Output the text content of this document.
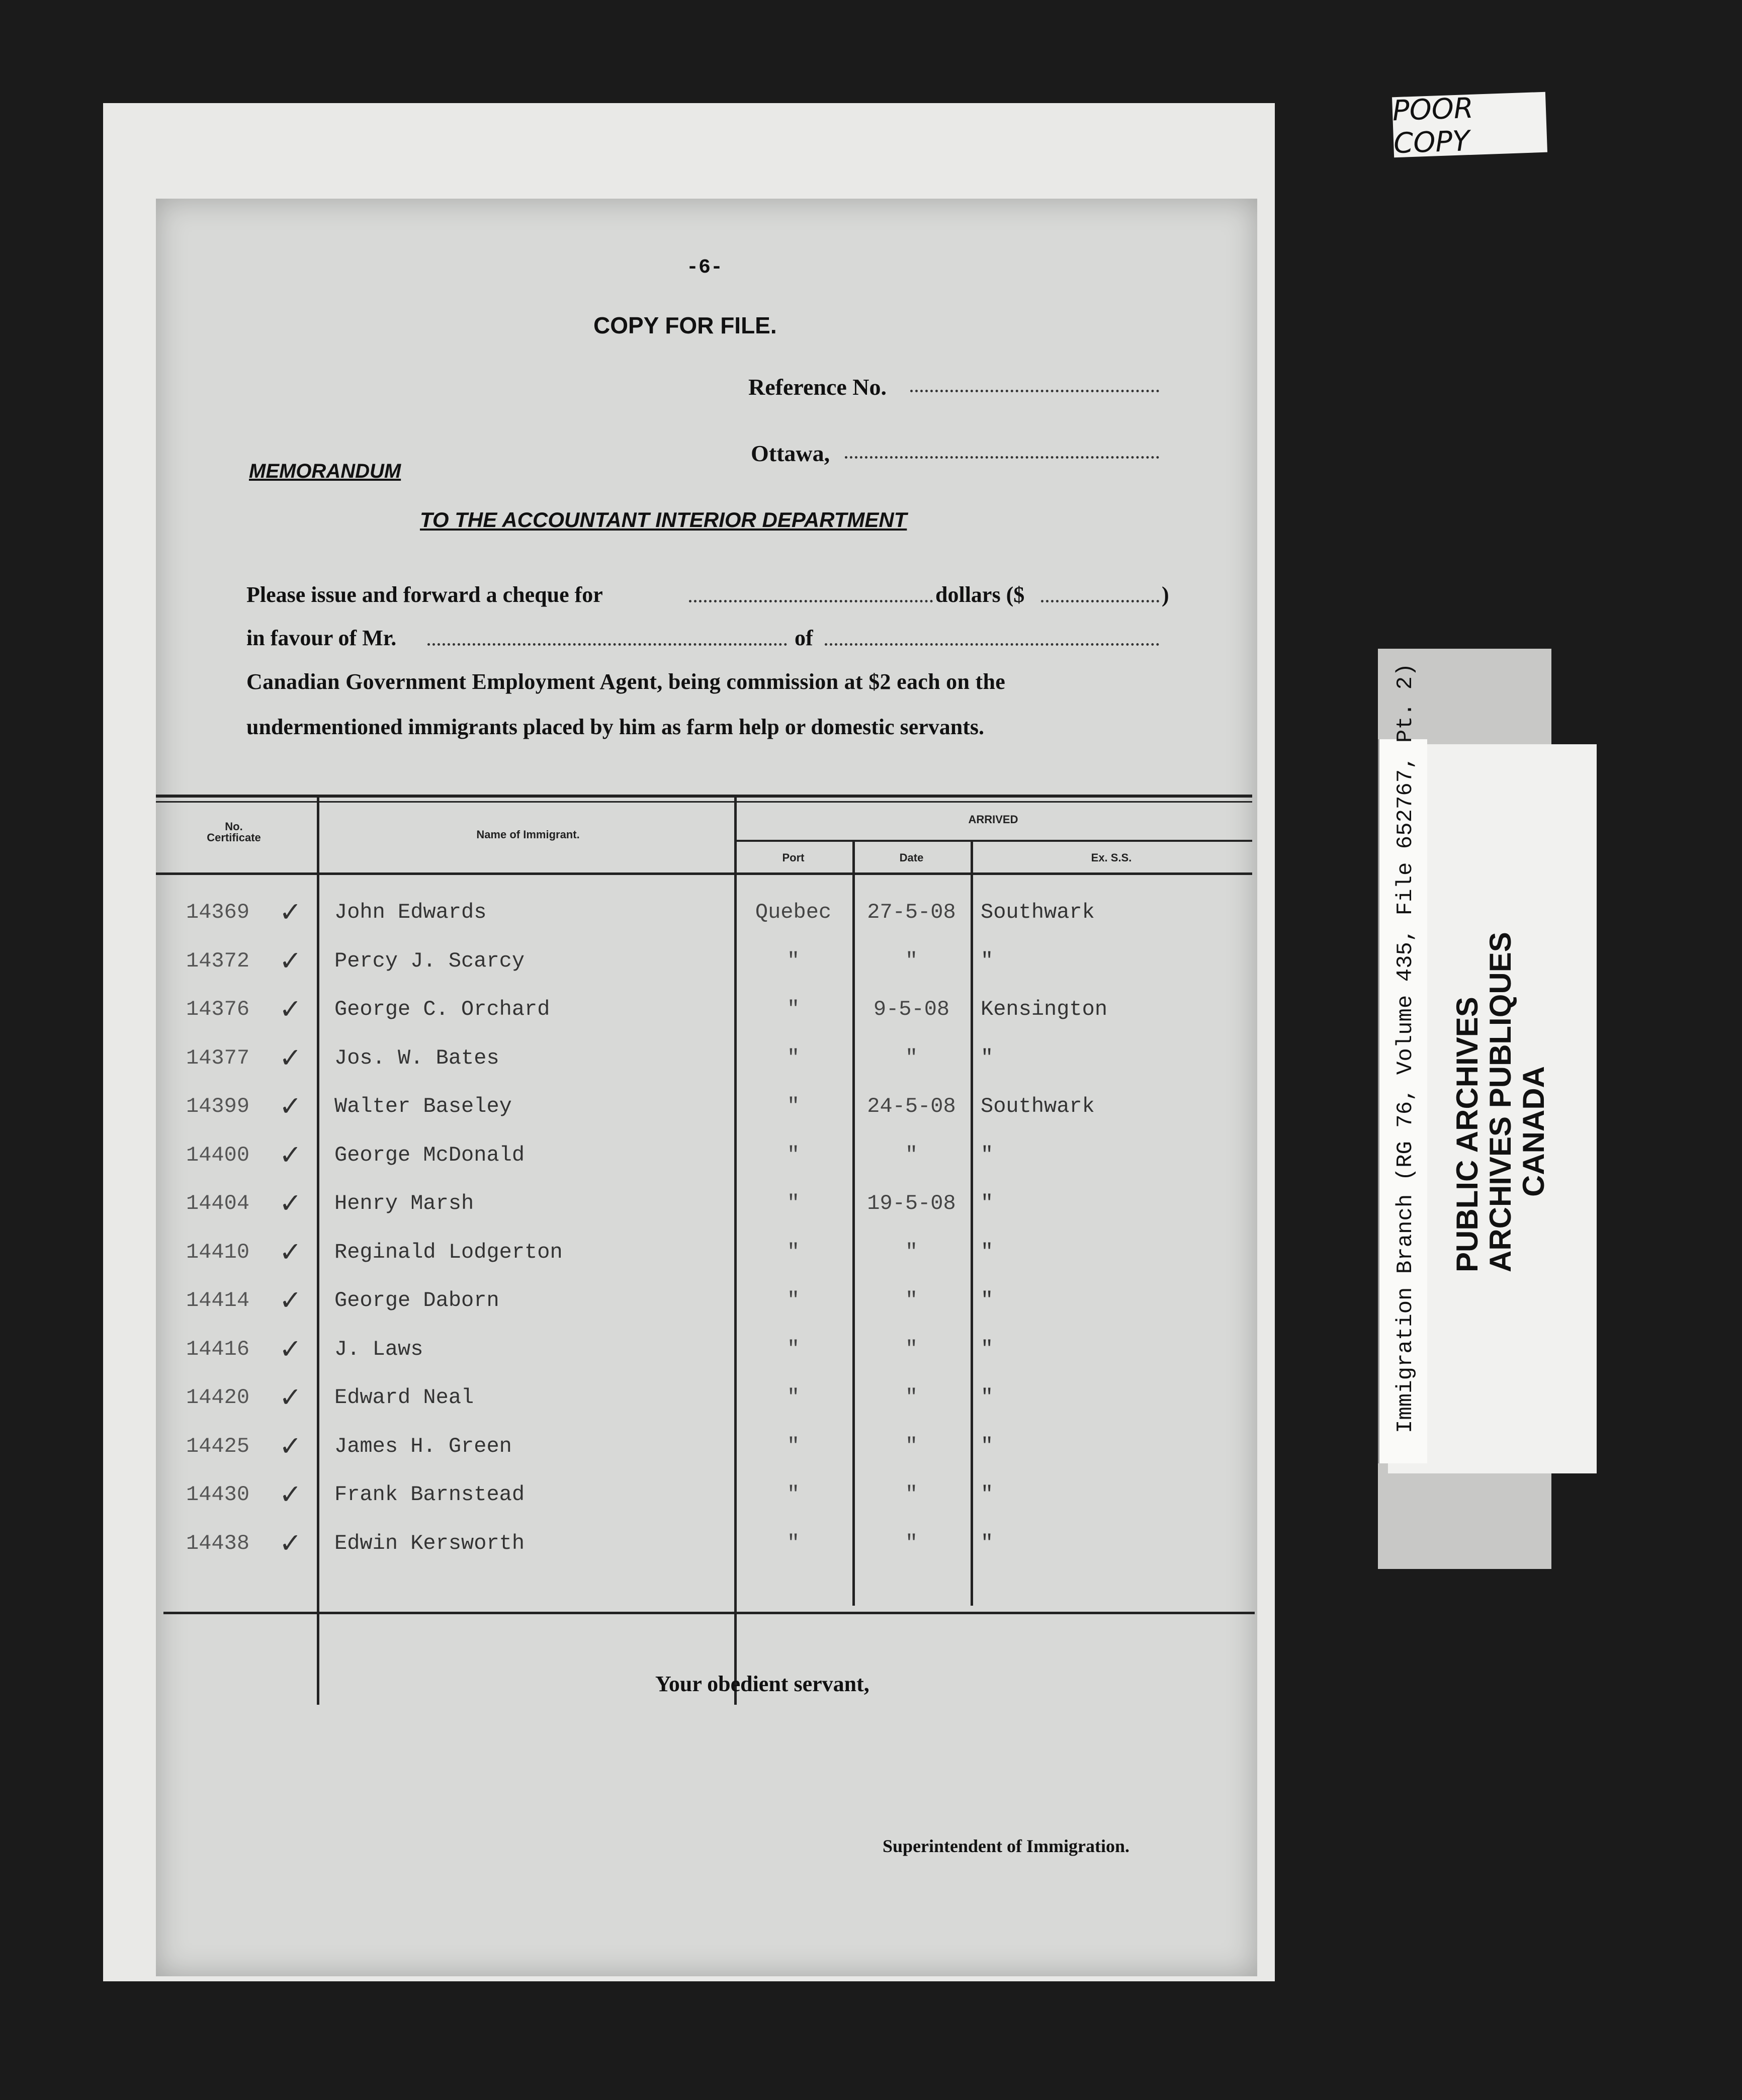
-6-
COPY FOR FILE.
Reference No.
Ottawa,
MEMORANDUM
TO THE ACCOUNTANT INTERIOR DEPARTMENT
Please issue and forward a cheque for	dollars ($	)
in favour of Mr.	of
Canadian Government Employment Agent, being commission at $2 each on the
undermentioned immigrants placed by him as farm help or domestic servants.
No.
Certificate	Name of Immigrant.
ARRIVED
Port	Date	Ex. S.S.
14369	✓ John Edwards	Quebec	27-5-08	Southwark
14372	✓ Percy J. Scarcy	"	"	"
14376	✓ George C. Orchard	"	9-5-08	Kensington
14377	✓ Jos. W. Bates	"	"	"
14399	✓ Walter Baseley	"	24-5-08	Southwark
14400	✓ George McDonald	"	"	"
14404	✓ Henry Marsh	"	19-5-08	"
14410	✓ Reginald Lodgerton	"	"	"
14414	✓ George Daborn	"	"	"
14416	✓ J. Laws	"	"	"
14420	✓ Edward Neal	"	"	"
14425	✓ James H. Green	"	"	"
14430	✓ Frank Barnstead	"	"	"
14438	✓ Edwin Kersworth	"	"	"
Your obedient servant,
Superintendent of Immigration.
POOR COPY
Immigration Branch (RG 76, Volume 435, File 652767, Pt. 2) PUBLIC ARCHIVES ARCHIVES PUBLIQUES CANADA
